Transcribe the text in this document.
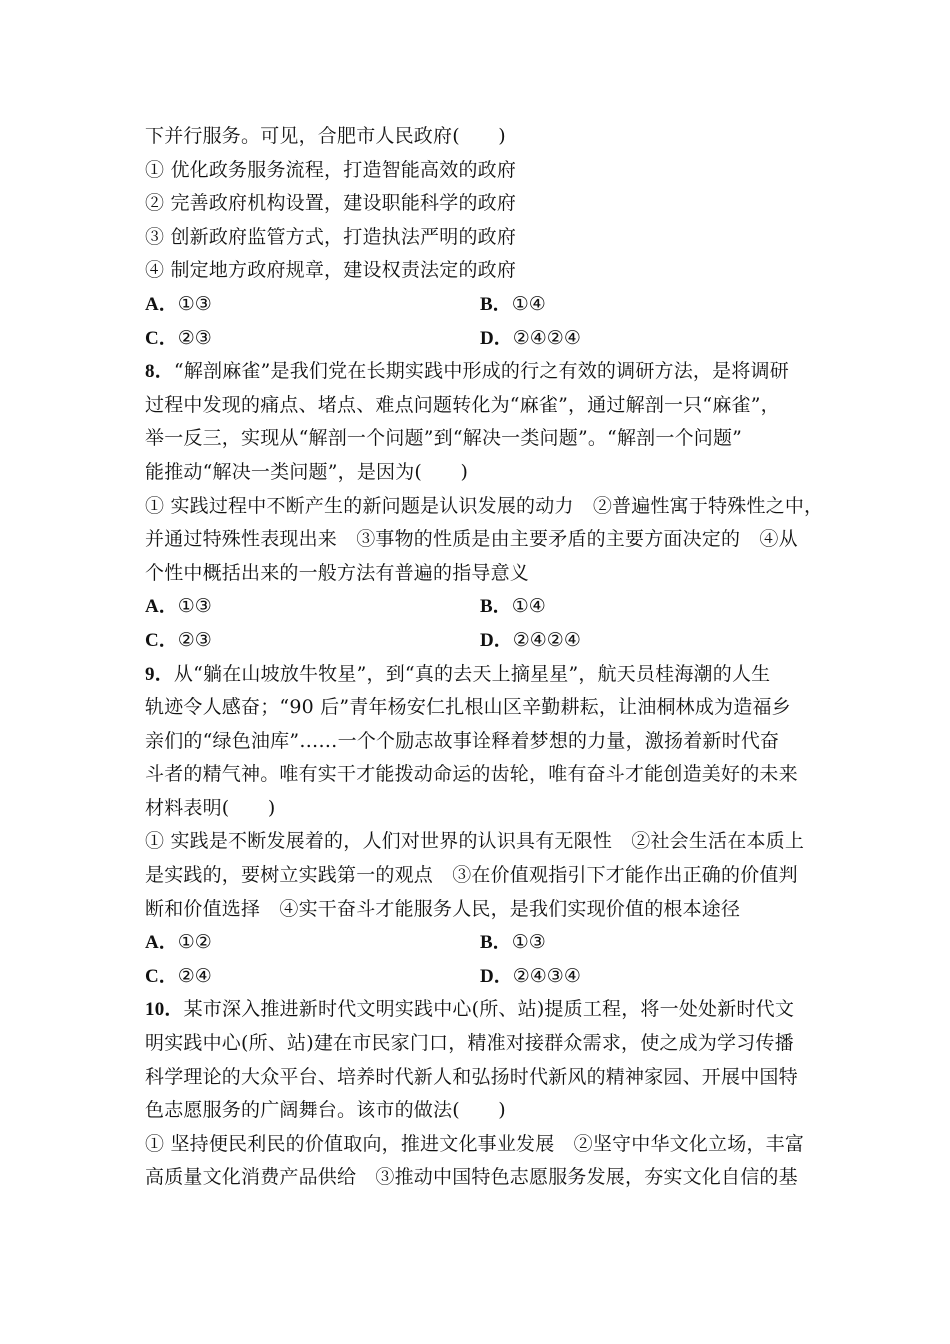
下并行服务。可见，合肥市人民政府(　　)
① 优化政务服务流程，打造智能高效的政府
② 完善政府机构设置，建设职能科学的政府
③ 创新政府监管方式，打造执法严明的政府
④ 制定地方政府规章，建设权责法定的政府
A．①③	B．①④
C．②③	D．②④②④
8．“解剖麻雀”是我们党在长期实践中形成的行之有效的调研方法，是将调研
过程中发现的痛点、堵点、难点问题转化为“麻雀”，通过解剖一只“麻雀”，
举一反三，实现从“解剖一个问题”到“解决一类问题”。“解剖一个问题”
能推动“解决一类问题”，是因为(　　)
① 实践过程中不断产生的新问题是认识发展的动力　②普遍性寓于特殊性之中，
并通过特殊性表现出来　③事物的性质是由主要矛盾的主要方面决定的　④从
个性中概括出来的一般方法有普遍的指导意义
A．①③	B．①④
C．②③	D．②④②④
9．从“躺在山坡放牛牧星”，到“真的去天上摘星星”，航天员桂海潮的人生
轨迹令人感奋；“90 后”青年杨安仁扎根山区辛勤耕耘，让油桐林成为造福乡
亲们的“绿色油库”……一个个励志故事诠释着梦想的力量，激扬着新时代奋
斗者的精气神。唯有实干才能拨动命运的齿轮，唯有奋斗才能创造美好的未来
材料表明(　　)
① 实践是不断发展着的，人们对世界的认识具有无限性　②社会生活在本质上
是实践的，要树立实践第一的观点　③在价值观指引下才能作出正确的价值判
断和价值选择　④实干奋斗才能服务人民，是我们实现价值的根本途径
A．①②	B．①③
C．②④	D．②④③④
10．某市深入推进新时代文明实践中心(所、站)提质工程，将一处处新时代文
明实践中心(所、站)建在市民家门口，精准对接群众需求，使之成为学习传播
科学理论的大众平台、培养时代新人和弘扬时代新风的精神家园、开展中国特
色志愿服务的广阔舞台。该市的做法(　　)
① 坚持便民利民的价值取向，推进文化事业发展　②坚守中华文化立场，丰富
高质量文化消费产品供给　③推动中国特色志愿服务发展，夯实文化自信的基
